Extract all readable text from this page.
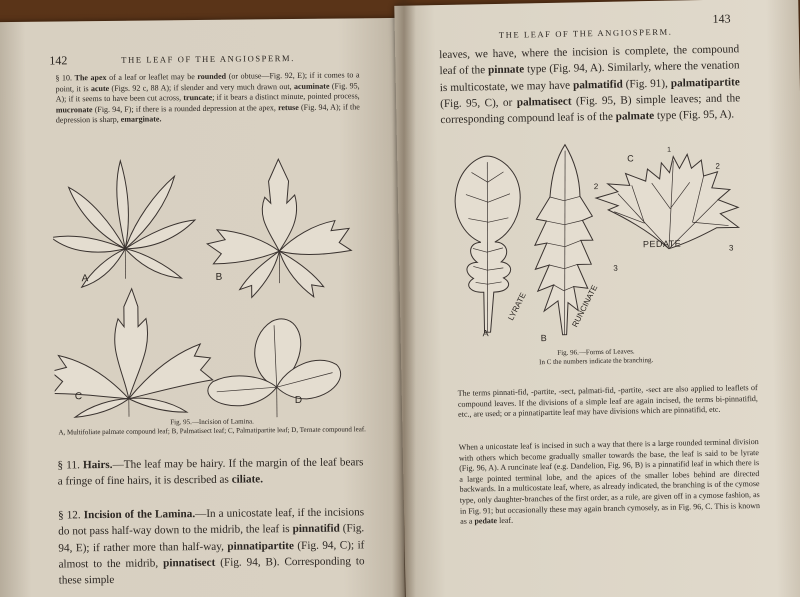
142	THE LEAF OF THE ANGIOSPERM.
§ 10. The apex of a leaf or leaflet may be rounded (or obtuse—Fig. 92, E); if it comes to a point, it is acute (Figs. 92 c, 88 A); if slender and very much drawn out, acuminate (Fig. 95, A); if it seems to have been cut across, truncate; if it bears a distinct minute, pointed process, mucronate (Fig. 94, F); if there is a rounded depression at the apex, retuse (Fig. 94, A); if the depression is sharp, emarginate.
A	B
C	D
Fig. 95.—Incision of Lamina.
A, Multifoliate palmate compound leaf; B, Palmatisect leaf; C, Palmatipartite leaf; D, Ternate compound leaf.
§ 11. Hairs.—The leaf may be hairy. If the margin of the leaf bears a fringe of fine hairs, it is described as ciliate.
§ 12. Incision of the Lamina.—In a unicostate leaf, if the incisions do not pass half-way down to the midrib, the leaf is pinnatifid (Fig. 94, E); if rather more than half-way, pinnatipartite (Fig. 94, C); if almost to the midrib, pinnatisect (Fig. 94, B). Corresponding to these simple
THE LEAF OF THE ANGIOSPERM.
143
leaves, we have, where the incision is complete, the compound leaf of the pinnate type (Fig. 94, A). Similarly, where the venation is multicostate, we may have palmatifid (Fig. 91), palmatipartite (Fig. 95, C), or palmatisect (Fig. 95, B) simple leaves; and the corresponding compound leaf is of the palmate type (Fig. 95, A).
A
LYRATE
B
RUNCINATE
C
1
2
2
3
3
PEDATE
Fig. 96.—Forms of Leaves.
In C the numbers indicate the branching.
The terms pinnati-fid, -partite, -sect, palmati-fid, -partite, -sect are also applied to leaflets of compound leaves. If the divisions of a simple leaf are again incised, the terms bi-pinnatifid, etc., are used; or a pinnatipartite leaf may have divisions which are pinnatifid, etc.
When a unicostate leaf is incised in such a way that there is a large rounded terminal division with others which become gradually smaller towards the base, the leaf is said to be lyrate (Fig. 96, A). A runcinate leaf (e.g. Dandelion, Fig. 96, B) is a pinnatifid leaf in which there is a large pointed terminal lobe, and the apices of the smaller lobes behind are directed backwards. In a multicostate leaf, where, as already indicated, the branching is of the cymose type, only daughter-branches of the first order, as a rule, are given off in a cymose fashion, as in Fig. 91; but occasionally these may again branch cymosely, as in Fig. 96, C. This is known as a pedate leaf.
